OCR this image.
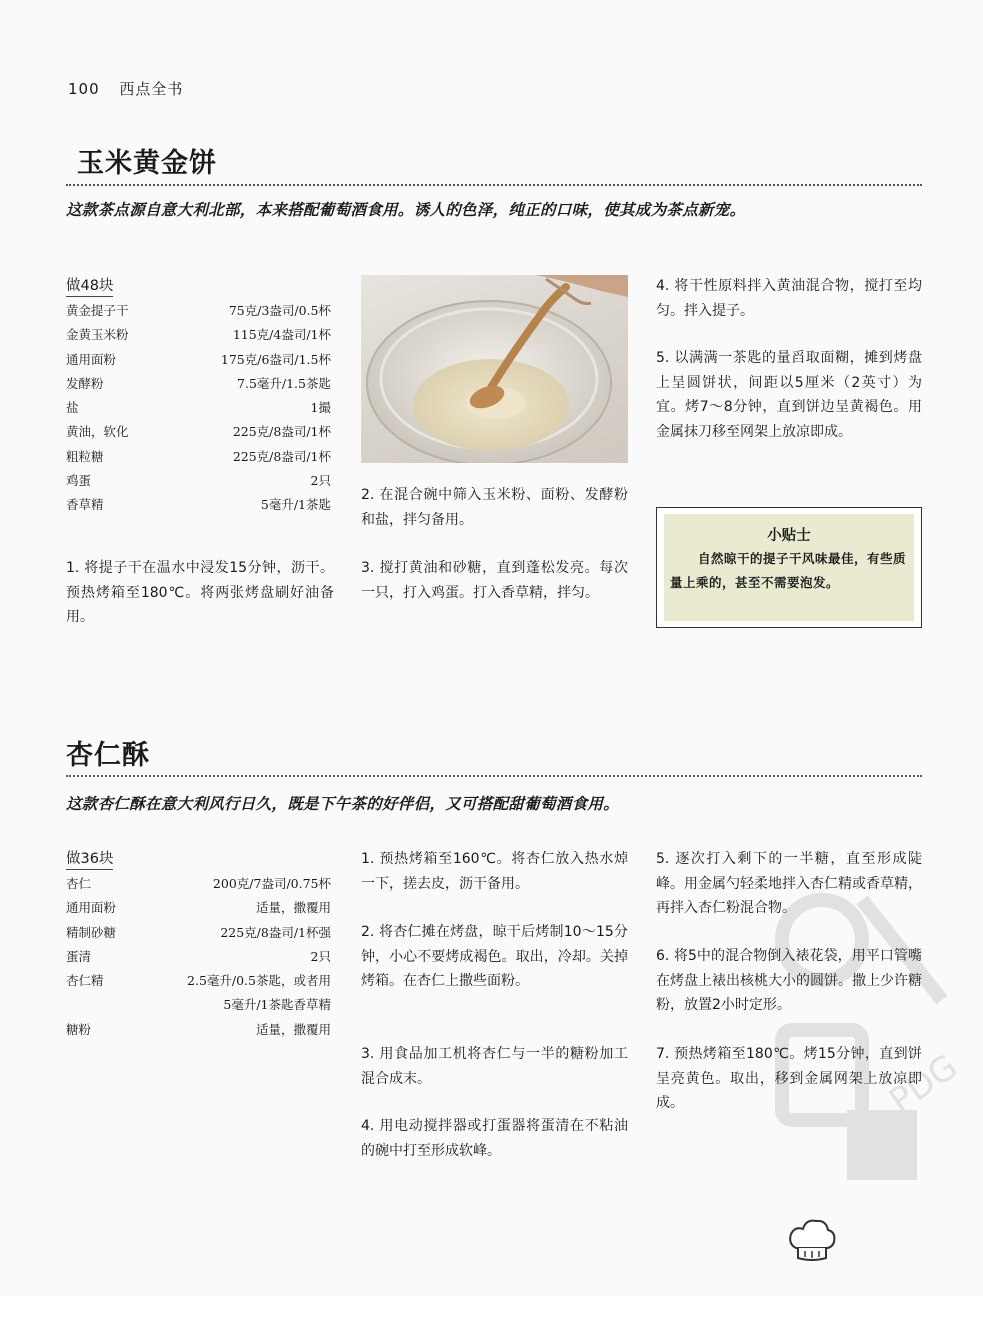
100 西点全书
玉米黄金饼
这款茶点源自意大利北部，本来搭配葡萄酒食用。诱人的色泽，纯正的口味，使其成为茶点新宠。
做48块
黄金提子干	75克/3盎司/0.5杯
金黄玉米粉	115克/4盎司/1杯
通用面粉	175克/6盎司/1.5杯
发酵粉	7.5毫升/1.5茶匙
盐	1撮
黄油，软化	225克/8盎司/1杯
粗粒糖	225克/8盎司/1杯
鸡蛋	2只
香草精	5毫升/1茶匙
1. 将提子干在温水中浸发15分钟，沥干。预热烤箱至180℃。将两张烤盘刷好油备用。
2. 在混合碗中筛入玉米粉、面粉、发酵粉和盐，拌匀备用。
3. 搅打黄油和砂糖，直到蓬松发亮。每次一只，打入鸡蛋。打入香草精，拌匀。
4. 将干性原料拌入黄油混合物，搅打至均匀。拌入提子。
5. 以满满一茶匙的量舀取面糊，摊到烤盘上呈圆饼状，间距以5厘米（2英寸）为宜。烤7～8分钟，直到饼边呈黄褐色。用金属抹刀移至网架上放凉即成。
小贴士
自然晾干的提子干风味最佳，有些质量上乘的，甚至不需要泡发。
杏仁酥
这款杏仁酥在意大利风行日久，既是下午茶的好伴侣，又可搭配甜葡萄酒食用。
做36块
杏仁	200克/7盎司/0.75杯
通用面粉	适量，撒覆用
精制砂糖	225克/8盎司/1杯强
蛋清	2只
杏仁精	2.5毫升/0.5茶匙，或者用
5毫升/1茶匙香草精
糖粉	适量，撒覆用
1. 预热烤箱至160℃。将杏仁放入热水焯一下，搓去皮，沥干备用。
2. 将杏仁摊在烤盘，晾干后烤制10～15分钟，小心不要烤成褐色。取出，冷却。关掉烤箱。在杏仁上撒些面粉。
3. 用食品加工机将杏仁与一半的糖粉加工混合成末。
4. 用电动搅拌器或打蛋器将蛋清在不粘油的碗中打至形成软峰。
5. 逐次打入剩下的一半糖，直至形成陡峰。用金属勺轻柔地拌入杏仁精或香草精，再拌入杏仁粉混合物。
6. 将5中的混合物倒入裱花袋，用平口管嘴在烤盘上裱出核桃大小的圆饼。撒上少许糖粉，放置2小时定形。
7. 预热烤箱至180℃。烤15分钟，直到饼呈亮黄色。取出，移到金属网架上放凉即成。	PDG
